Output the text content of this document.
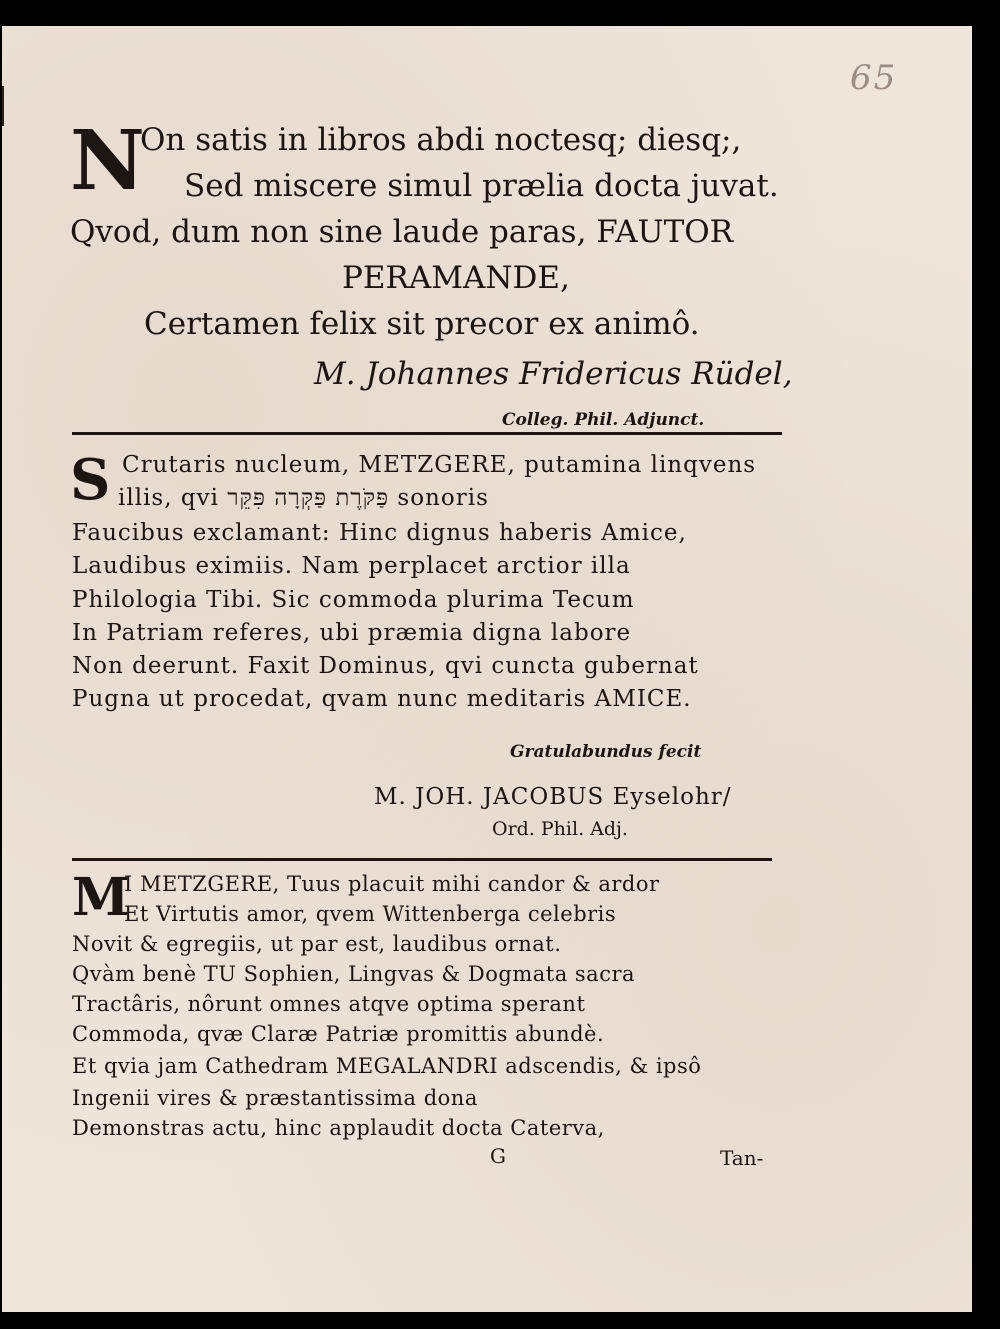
65
N
On satis in libros abdi noctesq; diesq;,
Sed miscere simul prælia docta juvat.
Qvod, dum non sine laude paras, FAUTOR
PERAMANDE,
Certamen felix sit precor ex animô.
M. Johannes Fridericus Rüdel,
Colleg. Phil. Adjunct.
S Crutaris nucleum, METZGERE, putamina linqvens
illis, qvi פַּקֹּרֶת פַּקְּרָה פִּקֵּר sonoris
Faucibus exclamant: Hinc dignus haberis Amice,
Laudibus eximiis. Nam perplacet arctior illa
Philologia Tibi. Sic commoda plurima Tecum
In Patriam referes, ubi præmia digna labore
Non deerunt. Faxit Dominus, qvi cuncta gubernat
Pugna ut procedat, qvam nunc meditaris AMICE.
Gratulabundus fecit
M. JOH. JACOBUS Eyselohr/
Ord. Phil. Adj.
M
I METZGERE, Tuus placuit mihi candor & ardor
Et Virtutis amor, qvem Wittenberga celebris
Novit & egregiis, ut par est, laudibus ornat.
Qvàm benè TU Sophien, Lingvas & Dogmata sacra
Tractâris, nôrunt omnes atqve optima sperant
Commoda, qvæ Claræ Patriæ promittis abundè.
Et qvia jam Cathedram MEGALANDRI adscendis, & ipsô
Ingenii vires & præstantissima dona
Demonstras actu, hinc applaudit docta Caterva,
G	Tan-
